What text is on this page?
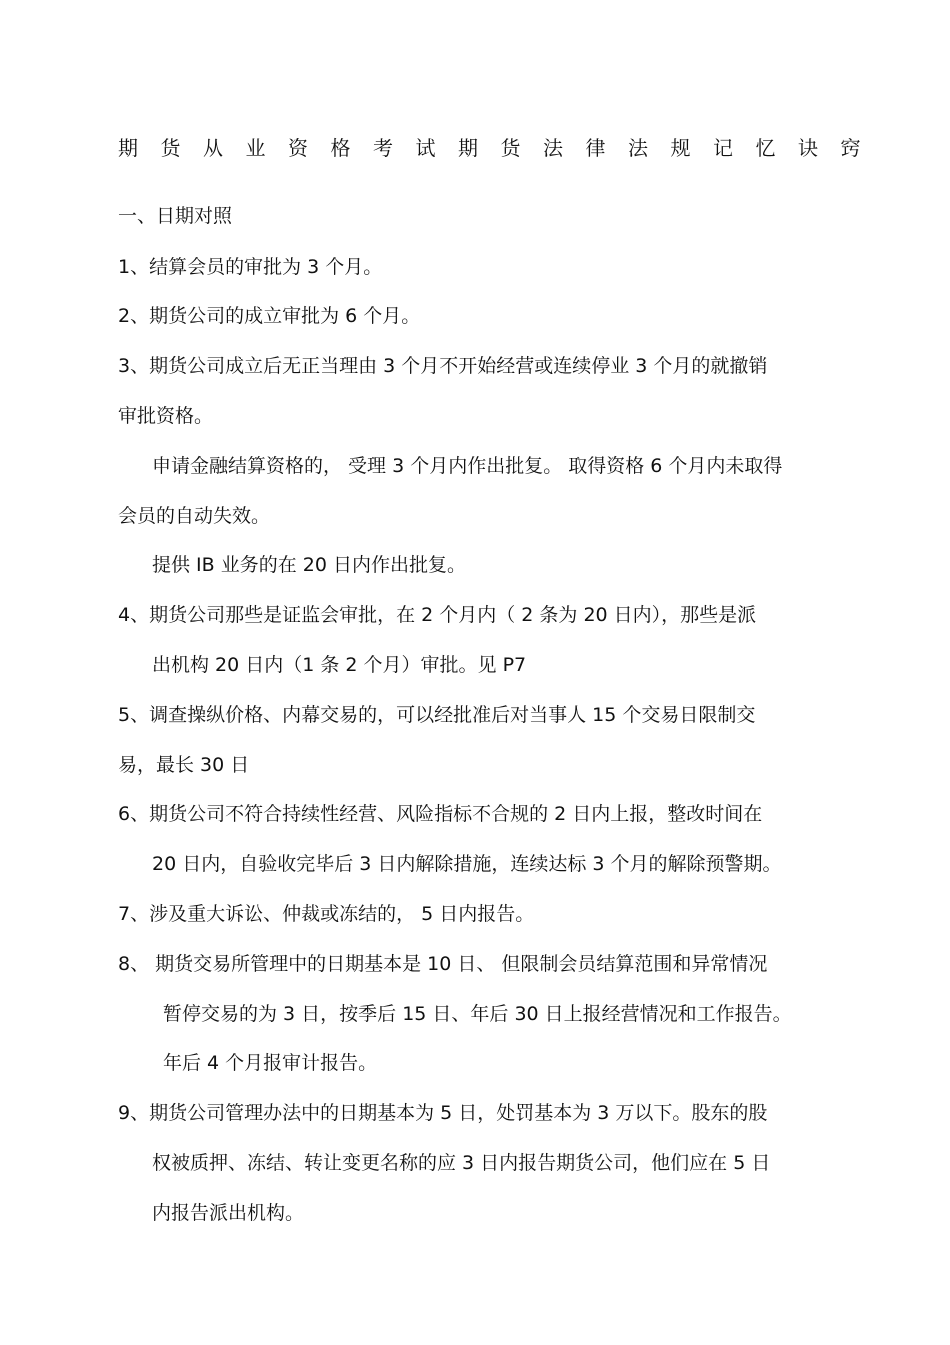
期货从业资格考试期货法律法规记忆诀窍
一、日期对照
1、结算会员的审批为 3 个月。
2、期货公司的成立审批为 6 个月。
3、期货公司成立后无正当理由 3 个月不开始经营或连续停业 3 个月的就撤销
审批资格。
申请金融结算资格的， 受理 3 个月内作出批复。 取得资格 6 个月内未取得
会员的自动失效。
提供 IB 业务的在 20 日内作出批复。
4、期货公司那些是证监会审批，在 2 个月内（ 2 条为 20 日内），那些是派
出机构 20 日内（1 条 2 个月）审批。见 P7
5、调查操纵价格、内幕交易的，可以经批准后对当事人 15 个交易日限制交
易，最长 30 日
6、期货公司不符合持续性经营、风险指标不合规的 2 日内上报，整改时间在
20 日内，自验收完毕后 3 日内解除措施，连续达标 3 个月的解除预警期。
7、涉及重大诉讼、仲裁或冻结的， 5 日内报告。
8、 期货交易所管理中的日期基本是 10 日、 但限制会员结算范围和异常情况
暂停交易的为 3 日，按季后 15 日、年后 30 日上报经营情况和工作报告。
年后 4 个月报审计报告。
9、期货公司管理办法中的日期基本为 5 日，处罚基本为 3 万以下。股东的股
权被质押、冻结、转让变更名称的应 3 日内报告期货公司，他们应在 5 日
内报告派出机构。
